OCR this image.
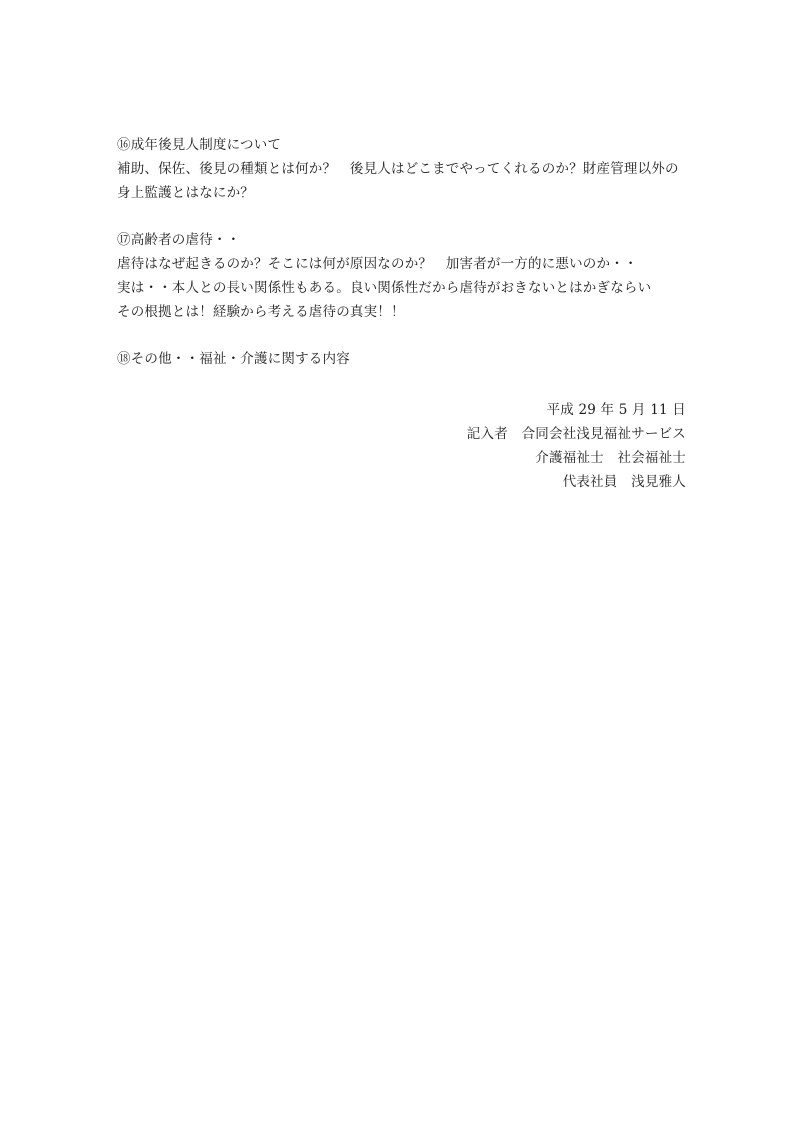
⑯成年後見人制度について
補助、保佐、後見の種類とは何か？　後見人はどこまでやってくれるのか？財産管理以外の
身上監護とはなにか？
⑰高齢者の虐待・・
虐待はなぜ起きるのか？そこには何が原因なのか？　加害者が一方的に悪いのか・・
実は・・本人との長い関係性もある。良い関係性だから虐待がおきないとはかぎならい
その根拠とは！経験から考える虐待の真実！！
⑱その他・・福祉・介護に関する内容
平成 29 年 5 月 11 日
記入者　合同会社浅見福祉サービス
介護福祉士　社会福祉士
代表社員　浅見雅人
